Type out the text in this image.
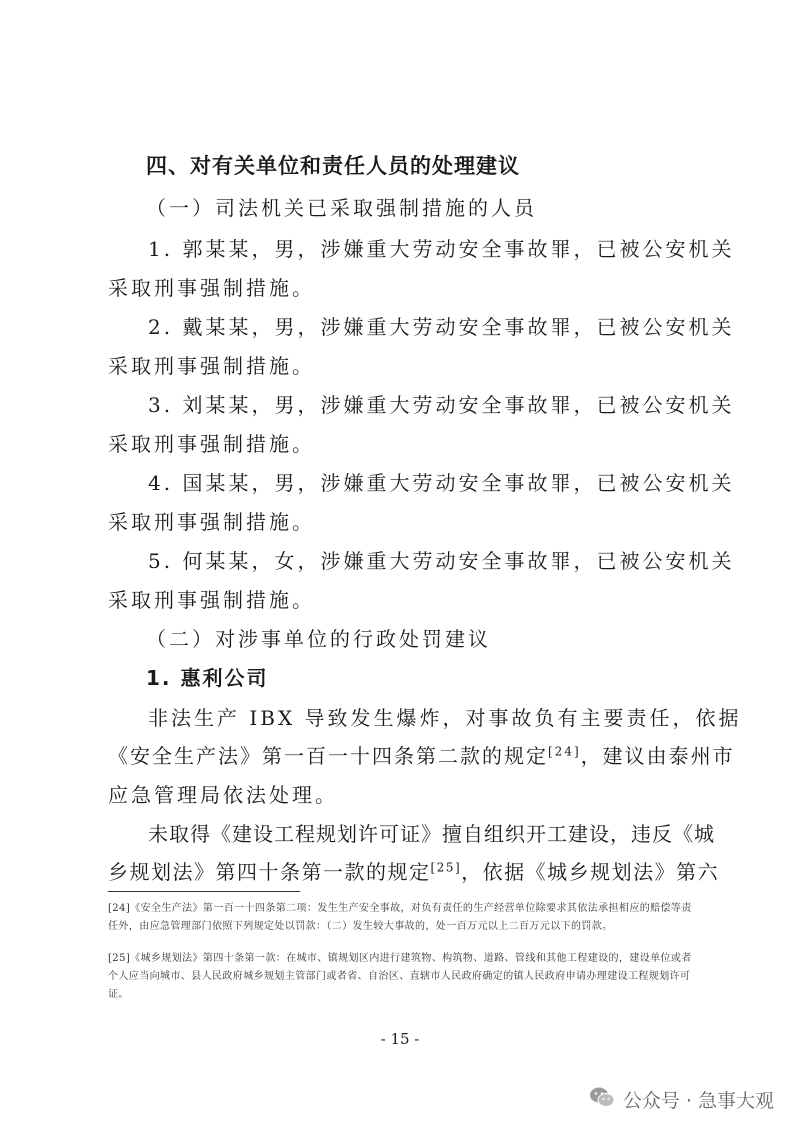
四、对有关单位和责任人员的处理建议
（一）司法机关已采取强制措施的人员
1. 郭某某，男，涉嫌重大劳动安全事故罪，已被公安机关
采取刑事强制措施。
2. 戴某某，男，涉嫌重大劳动安全事故罪，已被公安机关
采取刑事强制措施。
3. 刘某某，男，涉嫌重大劳动安全事故罪，已被公安机关
采取刑事强制措施。
4. 国某某，男，涉嫌重大劳动安全事故罪，已被公安机关
采取刑事强制措施。
5. 何某某，女，涉嫌重大劳动安全事故罪，已被公安机关
采取刑事强制措施。
（二）对涉事单位的行政处罚建议
1. 惠利公司
非法生产 IBX 导致发生爆炸，对事故负有主要责任，依据
《安全生产法》第一百一十四条第二款的规定[24]，建议由泰州市
应急管理局依法处理。
未取得《建设工程规划许可证》擅自组织开工建设，违反《城
乡规划法》第四十条第一款的规定[25]，依据《城乡规划法》第六
[24]《安全生产法》第一百一十四条第二项：发生生产安全事故，对负有责任的生产经营单位除要求其依法承担相应的赔偿等责任外，由应急管理部门依照下列规定处以罚款：（二）发生较大事故的，处一百万元以上二百万元以下的罚款。
[25]《城乡规划法》第四十条第一款：在城市、镇规划区内进行建筑物、构筑物、道路、管线和其他工程建设的，建设单位或者个人应当向城市、县人民政府城乡规划主管部门或者省、自治区、直辖市人民政府确定的镇人民政府申请办理建设工程规划许可证。
- 15 -
公众号 · 急事大观
